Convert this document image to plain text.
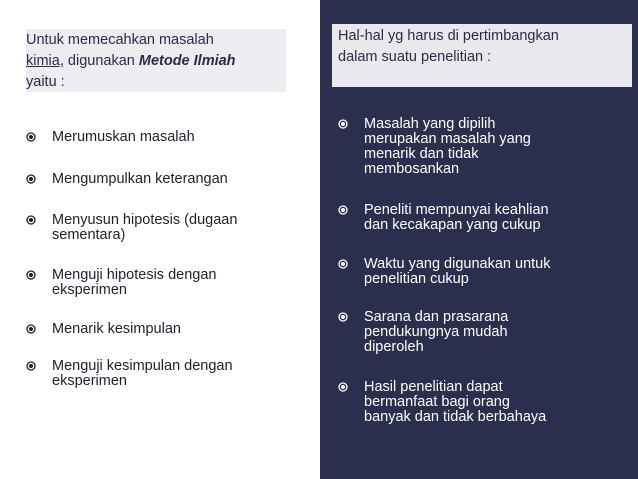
Untuk memecahkan masalah
kimia, digunakan Metode Ilmiah
yaitu :
Merumuskan masalah
Mengumpulkan keterangan
Menyusun hipotesis (dugaan
sementara)
Menguji hipotesis dengan
eksperimen
Menarik kesimpulan
Menguji kesimpulan dengan
eksperimen
Masalah yang dipilih
merupakan masalah yang
menarik dan tidak
membosankan
Peneliti mempunyai keahlian
dan kecakapan yang cukup
Waktu yang digunakan untuk
penelitian cukup
Sarana dan prasarana
pendukungnya mudah
diperoleh
Hasil penelitian dapat
bermanfaat bagi orang
banyak dan tidak berbahaya
Hal-hal yg harus di pertimbangkan
dalam suatu penelitian :
